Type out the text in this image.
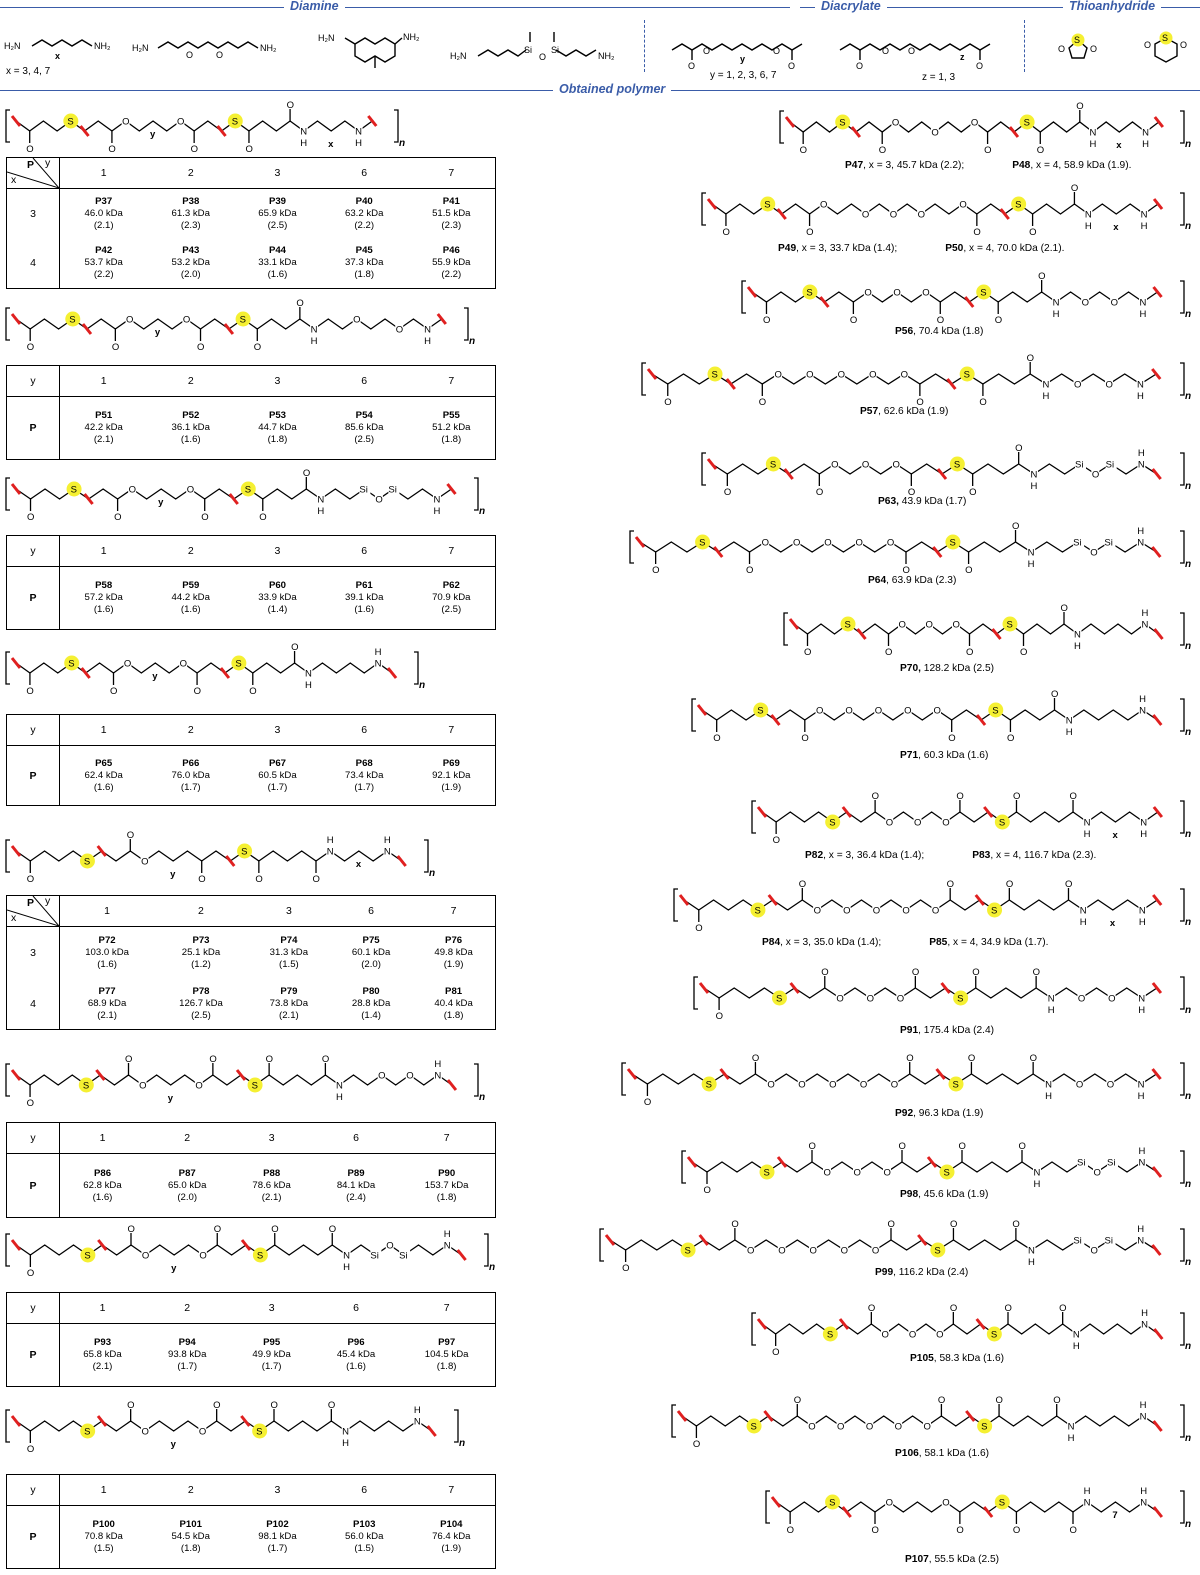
Diamine	Diacrylate	Thioanhydride
Obtained polymer
H₂N	NH₂
x
H₂N	NH₂
O	O
H₂N	NH₂
H₂N	NH₂
Si Si
O
O	O
O	O
y
O	O
O O
z
S	S
O	O	O	O
x = 3, 4, 7	y = 1, 2, 3, 6, 7	z = 1, 3
n
O
S
O
O
y
O
O
S
O
O
N
H x
N
H
n
O
S
O
O
y
O
O
S
O
O
N
H
O
O N
H
n
O
S
O
O
y
O
O
S
O
O
N
H
Si
O
Si
N
H
n
O
S
O
O
y
O
O
S
O
O
N
H
N
H
n
O
S
O
O
y O
S
O	O
N
H
x
N
H
n
O
S
O
O
y
O
O
S
O	O
N
H
O O N
H
n
O
S
O
O
y
O
O
S
O	O
N
H
Si
O
Si
N
H
n
O
S
O
O
y
O
O
S
O	O
N
H
N
H
P y
x	1	2	3	6	7
3	P37
46.0 kDa
(2.1)	P38
61.3 kDa
(2.3)	P39
65.9 kDa
(2.5)	P40
63.2 kDa
(2.2)	P41
51.5 kDa
(2.3)
4	P42
53.7 kDa
(2.2)	P43
53.2 kDa
(2.0)	P44
33.1 kDa
(1.6)	P45
37.3 kDa
(1.8)	P46
55.9 kDa
(2.2)
y	1	2	3	6	7
P	P51
42.2 kDa
(2.1)	P52
36.1 kDa
(1.6)	P53
44.7 kDa
(1.8)	P54
85.6 kDa
(2.5)	P55
51.2 kDa
(1.8)
y	1	2	3	6	7
P	P58
57.2 kDa
(1.6)	P59
44.2 kDa
(1.6)	P60
33.9 kDa
(1.4)	P61
39.1 kDa
(1.6)	P62
70.9 kDa
(2.5)
y	1	2	3	6	7
P	P65
62.4 kDa
(1.6)	P66
76.0 kDa
(1.7)	P67
60.5 kDa
(1.7)	P68
73.4 kDa
(1.7)	P69
92.1 kDa
(1.9)
P y
x	1	2	3	6	7
3	P72
103.0 kDa
(1.6)	P73
25.1 kDa
(1.2)	P74
31.3 kDa
(1.5)	P75
60.1 kDa
(2.0)	P76
49.8 kDa
(1.9)
4	P77
68.9 kDa
(2.1)	P78
126.7 kDa
(2.5)	P79
73.8 kDa
(2.1)	P80
28.8 kDa
(1.4)	P81
40.4 kDa
(1.8)
y	1	2	3	6	7
P	P86
62.8 kDa
(1.6)	P87
65.0 kDa
(2.0)	P88
78.6 kDa
(2.1)	P89
84.1 kDa
(2.4)	P90
153.7 kDa
(1.8)
y	1	2	3	6	7
P	P93
65.8 kDa
(2.1)	P94
93.8 kDa
(1.7)	P95
49.9 kDa
(1.7)	P96
45.4 kDa
(1.6)	P97
104.5 kDa
(1.8)
y	1	2	3	6	7
P	P100
70.8 kDa
(1.5)	P101
54.5 kDa
(1.8)	P102
98.1 kDa
(1.7)	P103
56.0 kDa
(1.5)	P104
76.4 kDa
(1.9)
n
O
S
O
O
O
O
O
S
O
O
N
H x
N
H
P47, x = 3, 45.7 kDa (2.2);	P48, x = 4, 58.9 kDa (1.9).
n
O
S
O
O
O O O
O
O
S
O
O
N
H x
N
H
P49, x = 3, 33.7 kDa (1.4);	P50, x = 4, 70.0 kDa (2.1).
n
O
S
O
O O O
O
S
O
O
N
H
O O N
H
P56, 70.4 kDa (1.8)
n
O
S
O
O	O	O	O	O
O
S
O
O
N
H
O	O	N
H
P57, 62.6 kDa (1.9)
n
O
S
O
O O O
O
S
O
O
N
H
Si
O
Si N
H
P63, 43.9 kDa (1.7)
n
O
S
O
O	O	O	O	O
O
S
O
O
N
H
Si
O
Si	N
H
P64, 63.9 kDa (2.3)
n
O
S
O
O O O
O
S
O
O
N
H
N
H
P70, 128.2 kDa (2.5)
n
O
S
O
O O O O O
O
S
O
O
N
H
N
H
P71, 60.3 kDa (1.6)
n
O
S
O
O O O
O
S
O	O
N
H x
N
H
P82, x = 3, 36.4 kDa (1.4);	P83, x = 4, 116.7 kDa (2.3).
n
O
S
O
O O O O O
O
S
O	O
N
H x
N
H
P84, x = 3, 35.0 kDa (1.4);	P85, x = 4, 34.9 kDa (1.7).
n
O
S
O
O O O
O
S
O	O
N
H
O O N
H
P91, 175.4 kDa (2.4)
n
O
S
O
O O O O O
O
S
O	O
N
H
O O N
H
P92, 96.3 kDa (1.9)
n
O
S
O
O O O
O
S
O	O
N
H
Si
O
Si N
H
P98, 45.6 kDa (1.9)
n
O
S
O
O	O	O	O	O
O
S
O	O
N
H
Si
O
Si	N
H
P99, 116.2 kDa (2.4)
n
O
S
O
O O O
O
S
O	O
N
H
N
H
P105, 58.3 kDa (1.6)
n
O
S
O
O O O O O
O
S
O	O
N
H
N
H
P106, 58.1 kDa (1.6)
n
O
S
O
O	O
O
S
O	O
N
H
7
N
H
P107, 55.5 kDa (2.5)
